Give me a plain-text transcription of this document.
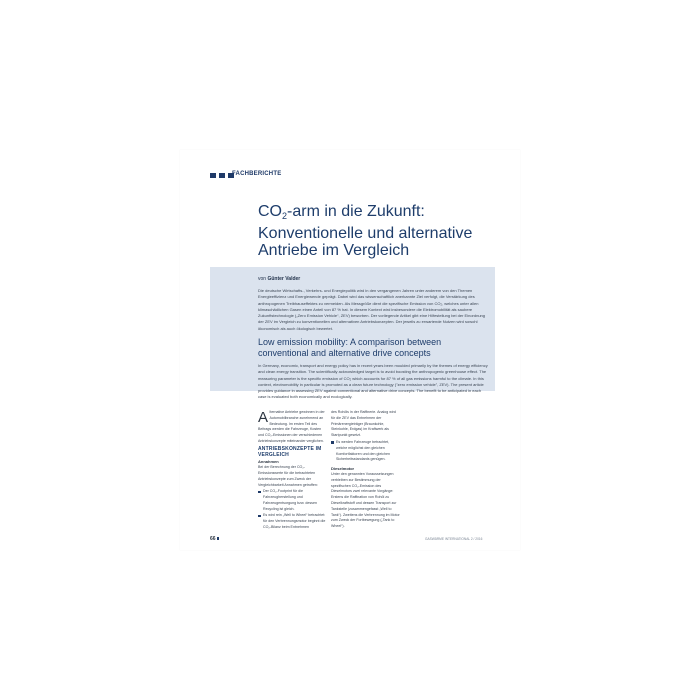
FACHBERICHTE
$CO_2$-arm in die Zukunft:
Konventionelle und alternative
Antriebe im Vergleich
von Günter Valder
Die deutsche Wirtschafts-, Verkehrs- und Energiepolitik wird in den vergangenen Jahren unter anderem von den Themen Energieeffizienz und Energiewende geprägt. Dabei wird das wissenschaftlich anerkannte Ziel verfolgt, die Verstärkung des anthropogenen Treibhauseffektes zu vermeiden. Als Messgröße dient die spezifische Emission von CO₂, welches unter allen klimaschädlichen Gasen einen Anteil von 87 % hat. In diesem Kontext wird insbesondere die Elektromobilität als saubere Zukunftstechnologie („Zero Emission Vehicle“, ZEV) beworben. Der vorliegende Artikel gibt eine Hilfestellung bei der Einordnung der ZEV im Vergleich zu konventionellen und alternativen Antriebskonzepten. Der jeweils zu erwartende Nutzen wird sowohl ökonomisch als auch ökologisch bewertet.
Low emission mobility: A comparison between conventional and alternative drive concepts
In Germany, economic, transport and energy policy has in recent years been moulded primarily by the themes of energy efficiency and clean energy transition. The scientifically acknowledged target is to avoid boosting the anthropogenic greenhouse effect. The measuring parameter is the specific emission of CO₂ which accounts for 87 % of all gas emissions harmful to the climate. In this context, electromobility in particular is promoted as a clean future technology ("zero emission vehicle", ZEV). The present article provides guidance in assessing ZEV against conventional and alternative drive concepts. The benefit to be anticipated in each case is evaluated both economically and ecologically.

Alternative Antriebe gewinnen in der Automobilbranche zunehmend an Bedeutung. Im ersten Teil des Beitrags werden die Fahrzeuge, Kosten und CO₂-Emissionen der verschiedenen Antriebskonzepte miteinander verglichen.

ANTRIEBSKONZEPTE IM VERGLEICH
Annahmen

Bei der Berechnung der CO₂-Emissionswerte für die betrachteten Antriebskonzepte zum Zweck der Vergleichbarkeit Annahmen getroffen:

Der CO₂-Footprint für die Fahrzeugherstellung und Fahrzeugentsorgung bzw. dessen Recycling ist gleich.
Es wird rein „Well to Wheel“ betrachtet: für den Verbrennungsmotor beginnt die CO₂-Bilanz beim Entnehmen

des Rohöls in der Raffinerie. Analog wird für die ZEV das Entnehmen der Primärenergieträger (Braunkohle, Steinkohle, Erdgas) im Kraftwerk als Startpunkt gesetzt.

Es werden Fahrzeuge betrachtet, welche möglichst den gleichen Komfortfaktoren und den gleichen Sicherheitsstandards genügen.
Dieselmotor

Unter den genannten Voraussetzungen verbleiben zur Bestimmung der spezifischen CO₂-Emission des Dieselmotors zwei relevante Vorgänge: Erstens die Raffination von Rohöl zu Dieselkraftstoff und dessen Transport zur Tankstelle (zusammengefasst „Well to Tank“). Zweitens die Verbrennung im Motor zum Zweck der Fortbewegung („Tank to Wheel“).

66	GASWÄRME INTERNATIONAL 2 / 2016
